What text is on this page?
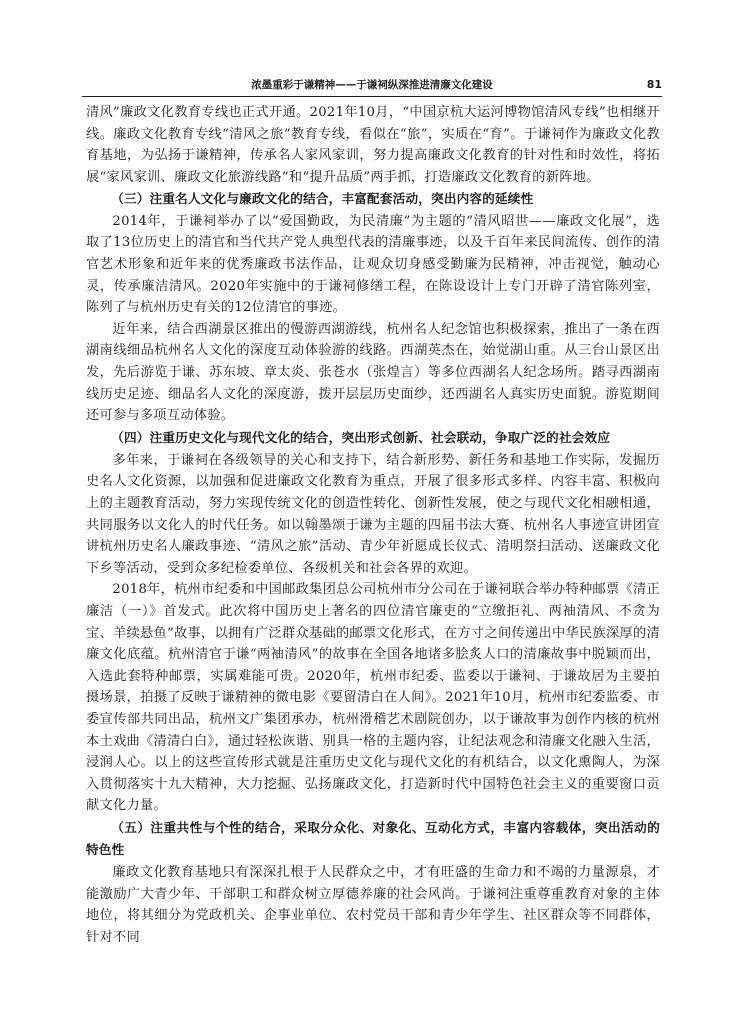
浓墨重彩于谦精神——于谦祠纵深推进清廉文化建设	81

清风”廉政文化教育专线也正式开通。2021年10月，“中国京杭大运河博物馆清风专线”也相继开线。廉政文化教育专线“清风之旅”教育专线，看似在“旅”，实质在“育”。于谦祠作为廉政文化教育基地，为弘扬于谦精神，传承名人家风家训，努力提高廉政文化教育的针对性和时效性，将拓展“家风家训、廉政文化旅游线路”和“提升品质”两手抓，打造廉政文化教育的新阵地。

（三）注重名人文化与廉政文化的结合，丰富配套活动，突出内容的延续性

2014年，于谦祠举办了以“爱国勤政，为民清廉”为主题的“清风昭世——廉政文化展”，选取了13位历史上的清官和当代共产党人典型代表的清廉事迹，以及千百年来民间流传、创作的清官艺术形象和近年来的优秀廉政书法作品，让观众切身感受勤廉为民精神，冲击视觉，触动心灵，传承廉洁清风。2020年实施中的于谦祠修缮工程，在陈设设计上专门开辟了清官陈列室，陈列了与杭州历史有关的12位清官的事迹。

近年来，结合西湖景区推出的慢游西湖游线，杭州名人纪念馆也积极探索，推出了一条在西湖南线细品杭州名人文化的深度互动体验游的线路。西湖英杰在，始觉湖山重。从三台山景区出发，先后游览于谦、苏东坡、章太炎、张苍水（张煌言）等多位西湖名人纪念场所。踏寻西湖南线历史足迹、细品名人文化的深度游，拨开层层历史面纱，还西湖名人真实历史面貌。游览期间还可参与多项互动体验。

（四）注重历史文化与现代文化的结合，突出形式创新、社会联动，争取广泛的社会效应

多年来，于谦祠在各级领导的关心和支持下，结合新形势、新任务和基地工作实际，发掘历史名人文化资源，以加强和促进廉政文化教育为重点，开展了很多形式多样、内容丰富、积极向上的主题教育活动，努力实现传统文化的创造性转化、创新性发展，使之与现代文化相融相通，共同服务以文化人的时代任务。如以翰墨颂于谦为主题的四届书法大赛、杭州名人事迹宣讲团宣讲杭州历史名人廉政事迹、“清风之旅”活动、青少年祈愿成长仪式、清明祭扫活动、送廉政文化下乡等活动，受到众多纪检委单位、各级机关和社会各界的欢迎。

2018年，杭州市纪委和中国邮政集团总公司杭州市分公司在于谦祠联合举办特种邮票《清正廉洁（一）》首发式。此次将中国历史上著名的四位清官廉吏的“立缴拒礼、两袖清风、不贪为宝、羊续悬鱼”故事，以拥有广泛群众基础的邮票文化形式，在方寸之间传递出中华民族深厚的清廉文化底蕴。杭州清官于谦“两袖清风”的故事在全国各地诸多脍炙人口的清廉故事中脱颖而出，入选此套特种邮票，实属难能可贵。2020年，杭州市纪委、监委以于谦祠、于谦故居为主要拍摄场景，拍摄了反映于谦精神的微电影《要留清白在人间》。2021年10月，杭州市纪委监委、市委宣传部共同出品，杭州文广集团承办，杭州滑稽艺术剧院创办，以于谦故事为创作内核的杭州本土戏曲《清清白白》，通过轻松诙谐、别具一格的主题内容，让纪法观念和清廉文化融入生活，浸润人心。以上的这些宣传形式就是注重历史文化与现代文化的有机结合，以文化熏陶人，为深入贯彻落实十九大精神，大力挖掘、弘扬廉政文化，打造新时代中国特色社会主义的重要窗口贡献文化力量。

（五）注重共性与个性的结合，采取分众化、对象化、互动化方式，丰富内容载体，突出活动的特色性

廉政文化教育基地只有深深扎根于人民群众之中，才有旺盛的生命力和不竭的力量源泉，才能激励广大青少年、干部职工和群众树立厚德养廉的社会风尚。于谦祠注重尊重教育对象的主体地位，将其细分为党政机关、企事业单位、农村党员干部和青少年学生、社区群众等不同群体，针对不同
